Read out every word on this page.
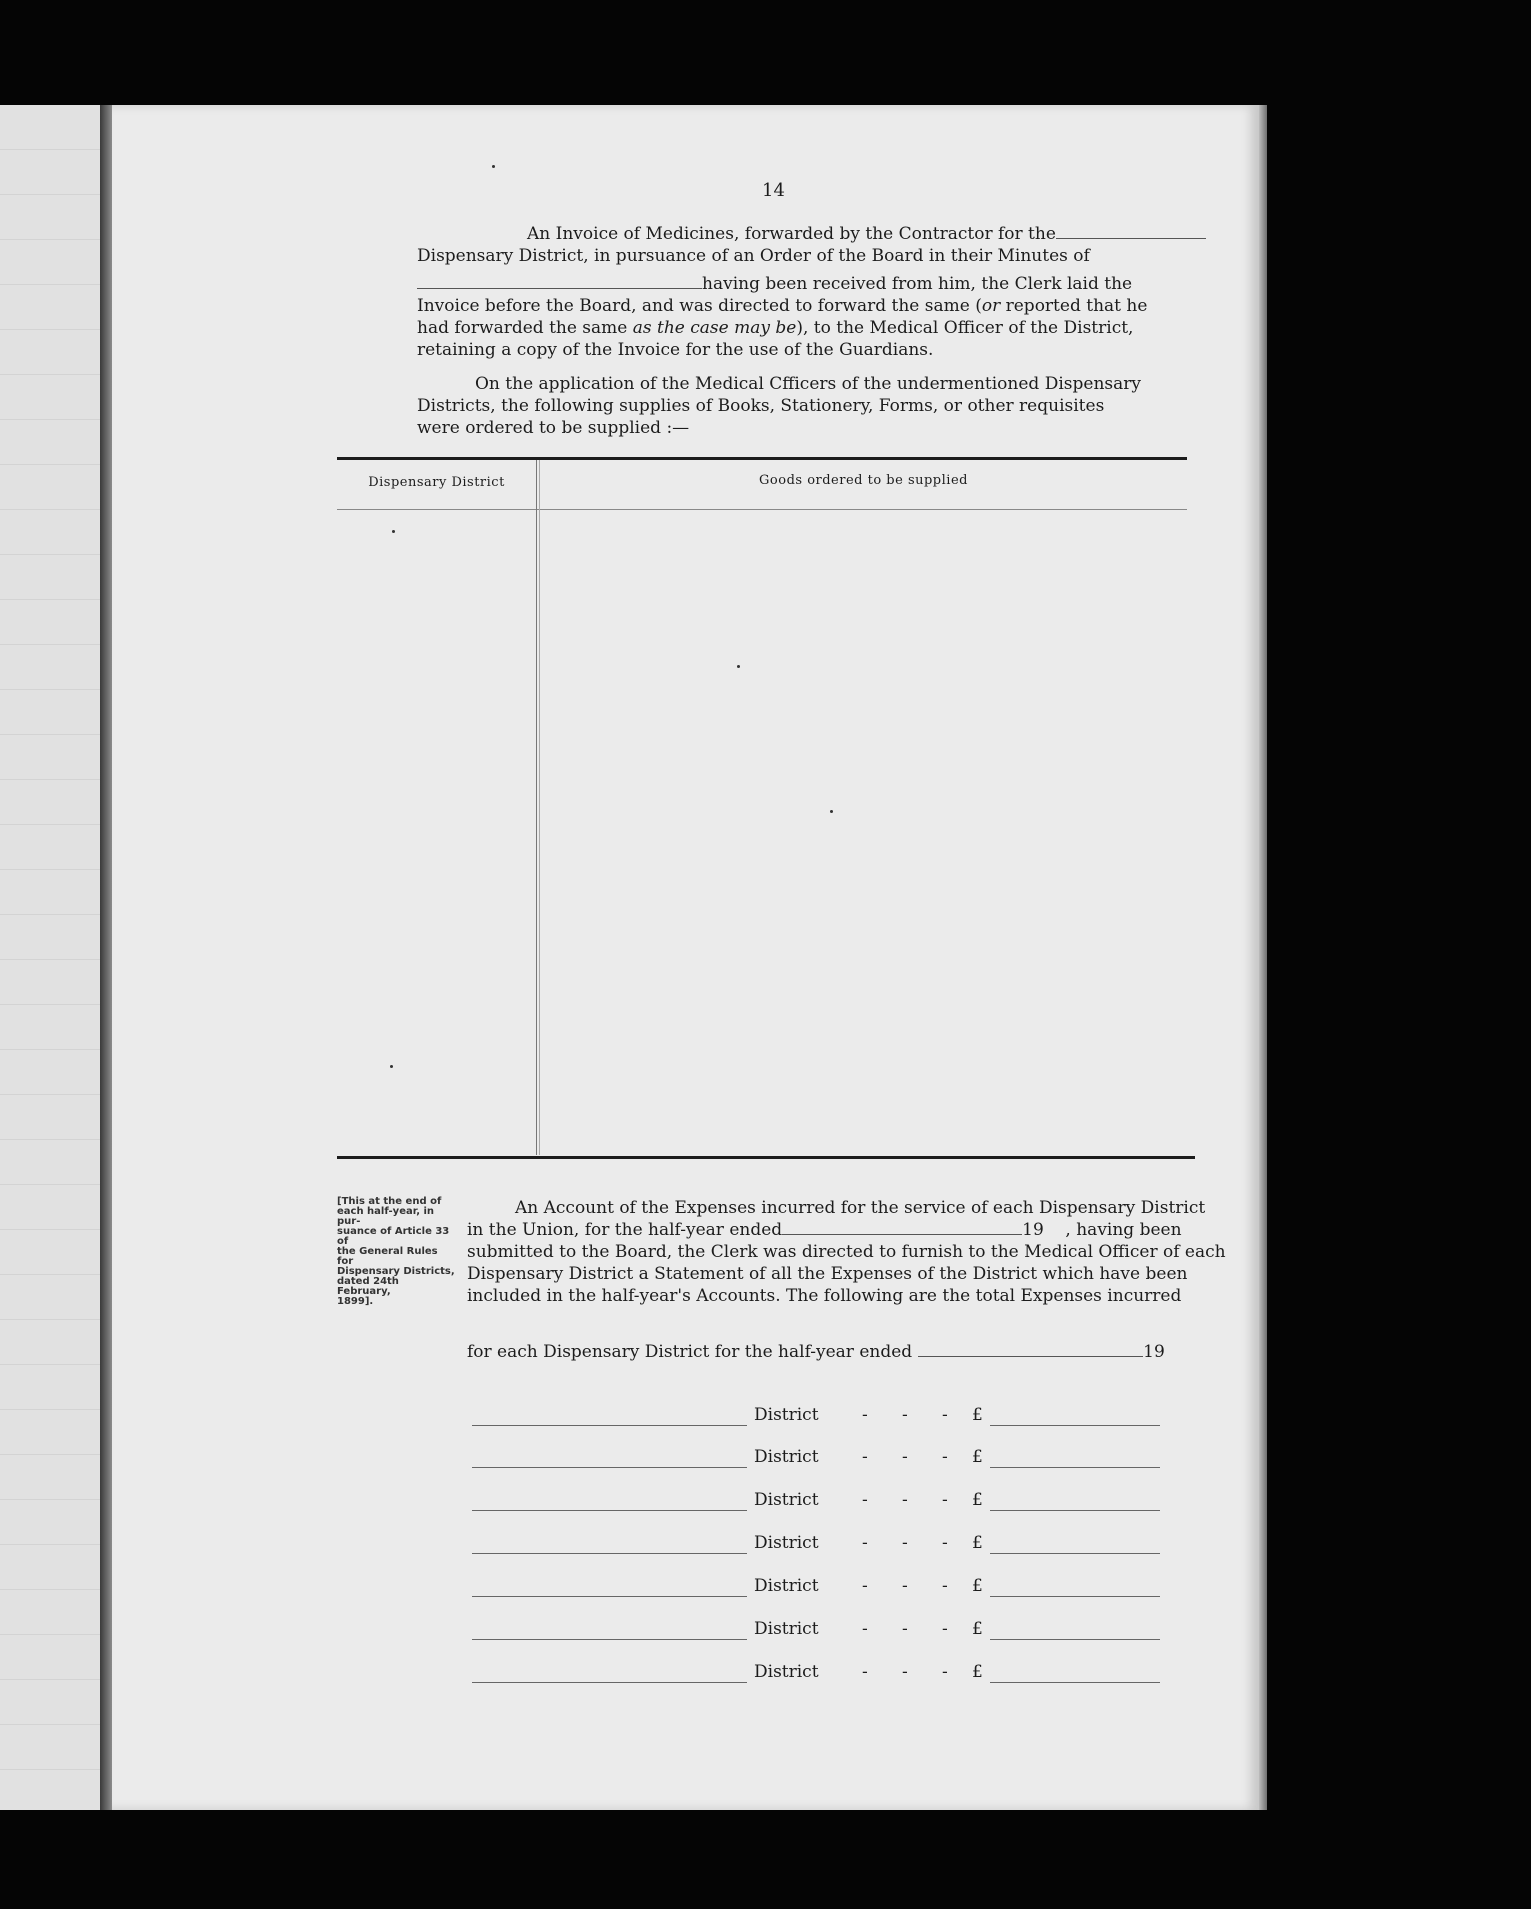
14

An Invoice of Medicines, forwarded by the Contractor for the

Dispensary District, in pursuance of an Order of the Board in their Minutes of

having been received from him, the Clerk laid the

Invoice before the Board, and was directed to forward the same (or reported that he

had forwarded the same as the case may be), to the Medical Officer of the District,

retaining a copy of the Invoice for the use of the Guardians.

On the application of the Medical Cfficers of the undermentioned Dispensary

Districts, the following supplies of Books, Stationery, Forms, or other requisites

were ordered to be supplied :—

Dispensary District	Goods ordered to be supplied
[This at the end of
each half-year, in pur-
suance of Article 33 of
the General Rules for
Dispensary Districts,
dated 24th February,
1899].

An Account of the Expenses incurred for the service of each Dispensary District

in the Union, for the half-year ended	19 , having been

submitted to the Board, the Clerk was directed to furnish to the Medical Officer of each

Dispensary District a Statement of all the Expenses of the District which have been

included in the half-year's Accounts. The following are the total Expenses incurred

for each Dispensary District for the half-year ended	19
District	- - - £
District	- - - £
District	- - - £
District	- - - £
District	- - - £
District	- - - £
District	- - - £
